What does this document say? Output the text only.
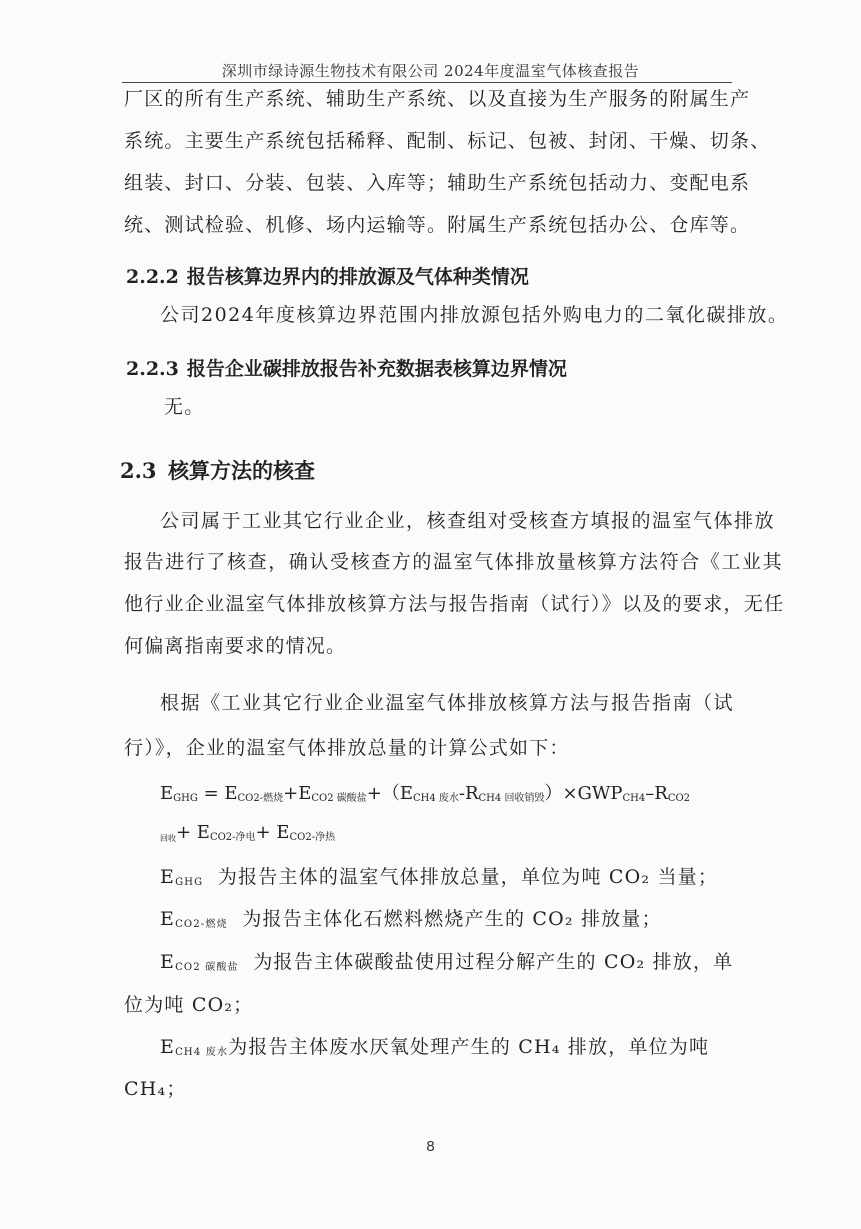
深圳市绿诗源生物技术有限公司 2024年度温室气体核查报告
厂区的所有生产系统、辅助生产系统、以及直接为生产服务的附属生产
系统。主要生产系统包括稀释、配制、标记、包被、封闭、干燥、切条、
组装、封口、分装、包装、入库等；辅助生产系统包括动力、变配电系
统、测试检验、机修、场内运输等。附属生产系统包括办公、仓库等。
2.2.2 报告核算边界内的排放源及气体种类情况
公司2024年度核算边界范围内排放源包括外购电力的二氧化碳排放。
2.2.3 报告企业碳排放报告补充数据表核算边界情况
无。
2.3 核算方法的核查
公司属于工业其它行业企业，核查组对受核查方填报的温室气体排放
报告进行了核查，确认受核查方的温室气体排放量核算方法符合《工业其
他行业企业温室气体排放核算方法与报告指南（试行）》以及的要求，无任
何偏离指南要求的情况。
根据《工业其它行业企业温室气体排放核算方法与报告指南（试
行）》，企业的温室气体排放总量的计算公式如下：
$E_{GHG} = E_{CO2-燃烧}+E_{CO2 碳酸盐}+(E_{CH4 废水}-R_{CH4 回收销毁})\times GWP_{CH4}-R_{CO2}$
回收+ $E_{CO2-净电}+ E_{CO2-净热}$
$E_{GHG}$ 为报告主体的温室气体排放总量，单位为吨 CO₂ 当量；
$E_{CO2-燃烧}$ 为报告主体化石燃料燃烧产生的 CO₂ 排放量；
$E_{CO2 碳酸盐}$ 为报告主体碳酸盐使用过程分解产生的 CO₂ 排放，单
位为吨 CO₂；
$E_{CH4 废水}$为报告主体废水厌氧处理产生的 CH₄ 排放，单位为吨
CH₄；
8
